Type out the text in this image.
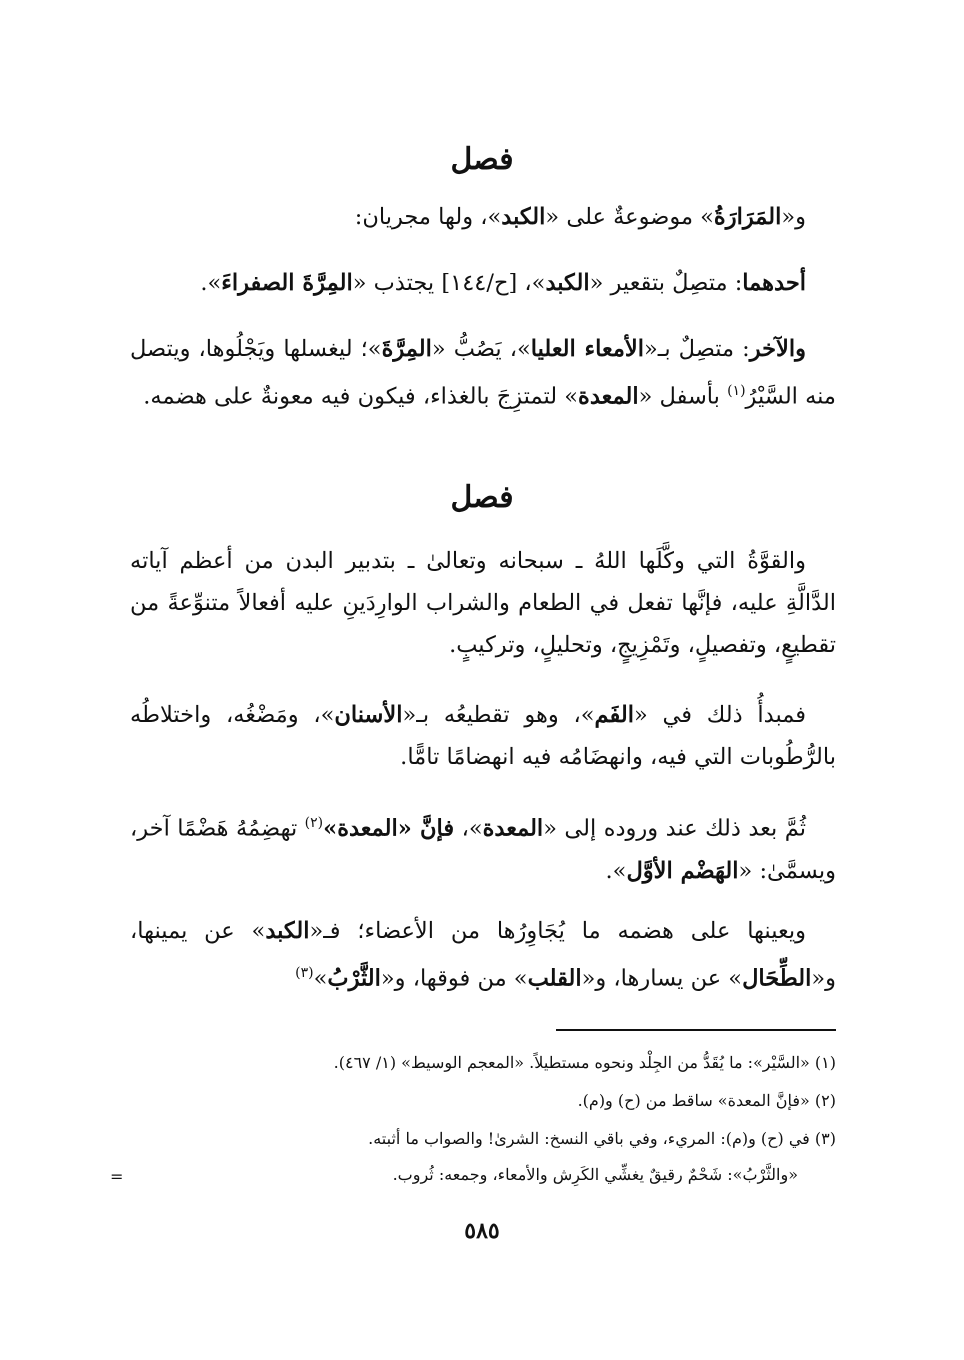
فصل
و«المَرَارَةُ» موضوعةٌ على «الكبد»، ولها مجريان:
أحدهما: متصِلٌ بتقعير «الكبد»، [ح/١٤٤] يجتذب «المِرَّةَ الصفراءَ».
والآخر: متصِلٌ بـ«الأمعاء العليا»، يَصُبُّ «المِرَّةَ»؛ ليغسلها ويَجْلُوها، ويتصل منه السَّيْرُ$^{(١)}$ بأسفل «المعدة» لتمتزِجَ بالغذاء، فيكون فيه معونةٌ على هضمه.
فصل
والقوَّةُ التي وكَّلَها اللهُ ـ سبحانه وتعالىٰ ـ بتدبير البدن من أعظم آياته الدَّالَّةِ عليه، فإنَّها تفعل في الطعام والشراب الوارِدَينِ عليه أفعالاً متنوِّعةً من تقطيعٍ، وتفصيلٍ، وتَمْزِيجٍ، وتحليلٍ، وتركيبٍ.
فمبدأُ ذلك في «الفَم»، وهو تقطيعُه بـ«الأسنان»، ومَضْغُه، واختلاطُه بالرُّطُوبات التي فيه، وانهضَامُه فيه انهضامًا تامًّا.
ثُمَّ بعد ذلك عند وروده إلى «المعدة»، فإنَّ «المعدة»$^{(٢)}$ تهضِمُهُ هَضْمًا آخر، ويسمَّىٰ: «الهَضْم الأوَّل».
ويعينها على هضمه ما يُجَاوِرُها من الأعضاء؛ فـ«الكبد» عن يمينها، و«الطِّحَال» عن يسارها، و«القلب» من فوقها، و«الثَّرْبُ»$^{(٣)}$
(١) «السَّيْر»: ما يُقَدُّ من الجِلْد ونحوه مستطيلاً. «المعجم الوسيط» (١/ ٤٦٧).
(٢) «فإنَّ المعدة» ساقط من (ح) و(م).
(٣) في (ح) و(م): المريء، وفي باقي النسخ: الشرىٰ! والصواب ما أثبته.
«والثَّرْبُ»: شَحْمٌ رقيقٌ يغشِّي الكَرِش والأمعاء، وجمعه: ثُروب.
=
٥٨٥
